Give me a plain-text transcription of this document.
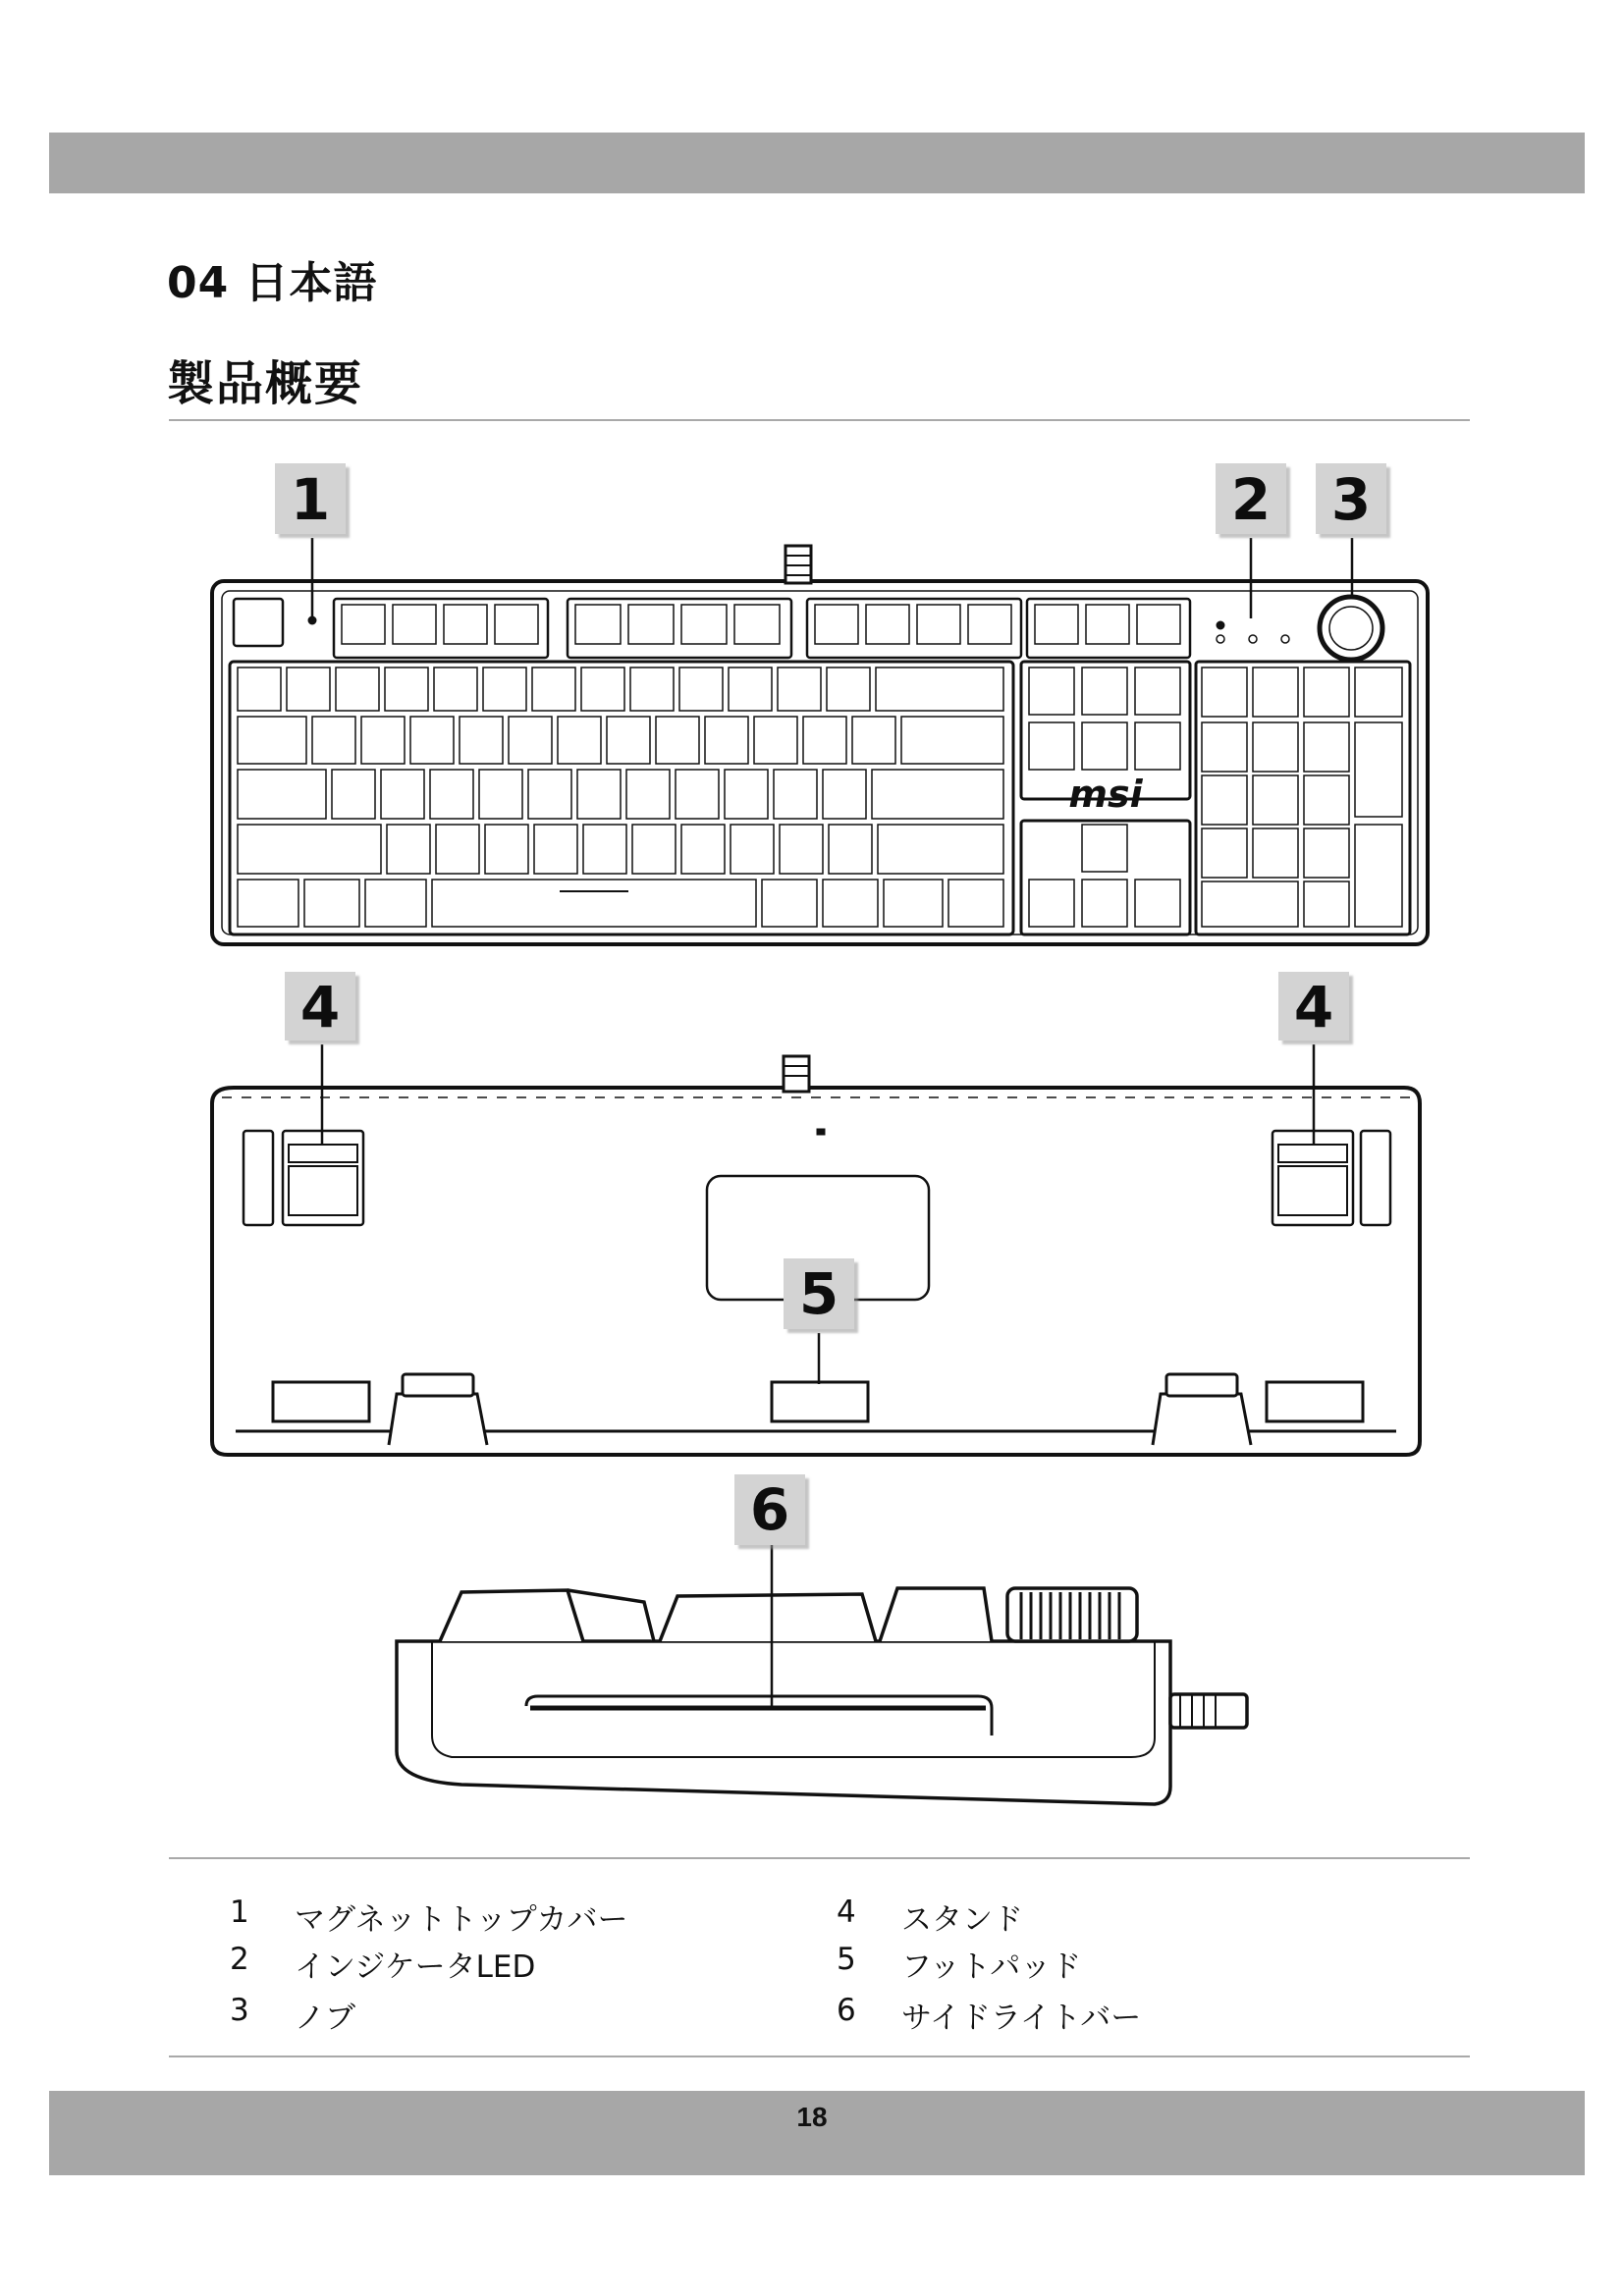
04 日本語
製品概要
msi
1	2 3
4	4
5
6
1 マグネットトップカバー
2 インジケータLED
3 ノブ
4 スタンド
5 フットパッド
6 サイドライトバー
18
